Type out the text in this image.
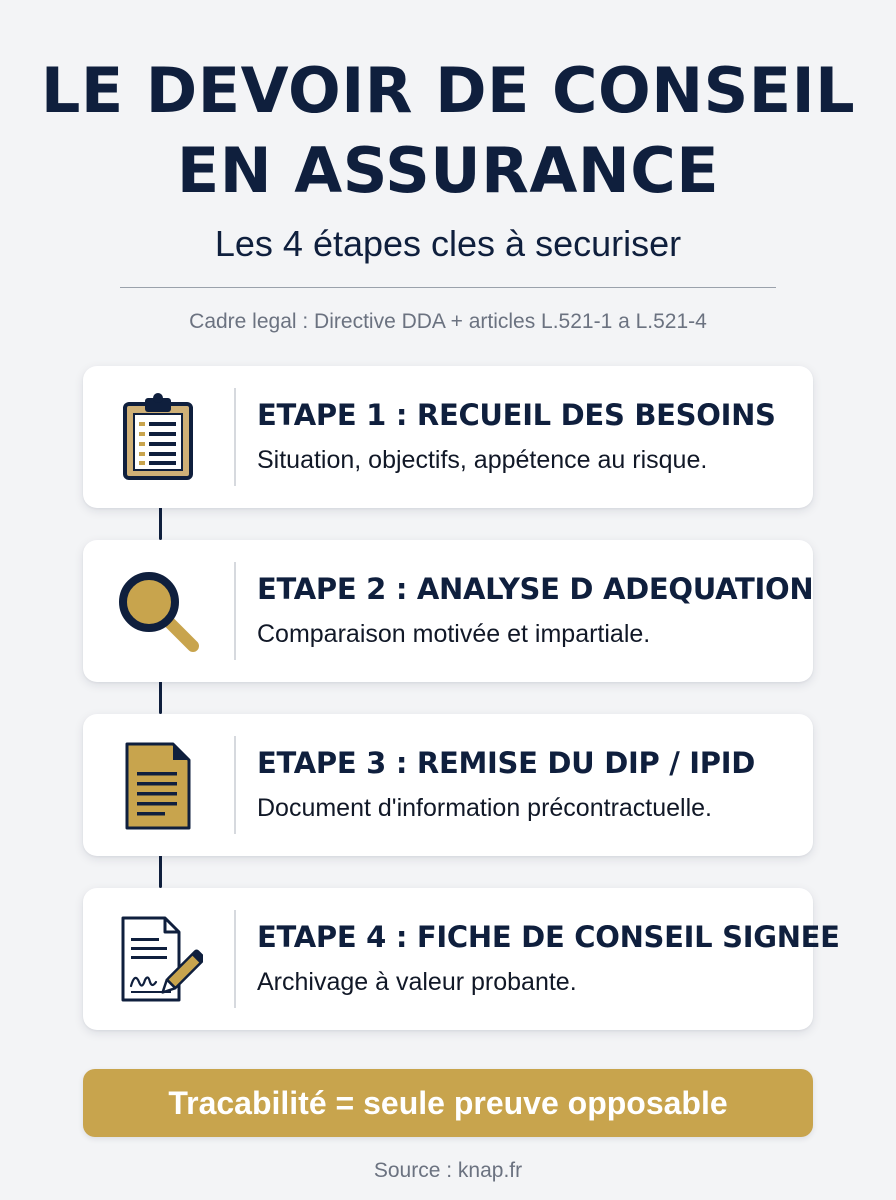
LE DEVOIR DE CONSEIL
EN ASSURANCE

Les 4 étapes cles à securiser

Cadre legal : Directive DDA + articles L.521-1 a L.521-4
ETAPE 1 : RECUEIL DES BESOINS
Situation, objectifs, appétence au risque.
ETAPE 2 : ANALYSE D ADEQUATION
Comparaison motivée et impartiale.
ETAPE 3 : REMISE DU DIP / IPID
Document d'information précontractuelle.
ETAPE 4 : FICHE DE CONSEIL SIGNEE
Archivage à valeur probante.
Tracabilité = seule preuve opposable
Source : knap.fr
